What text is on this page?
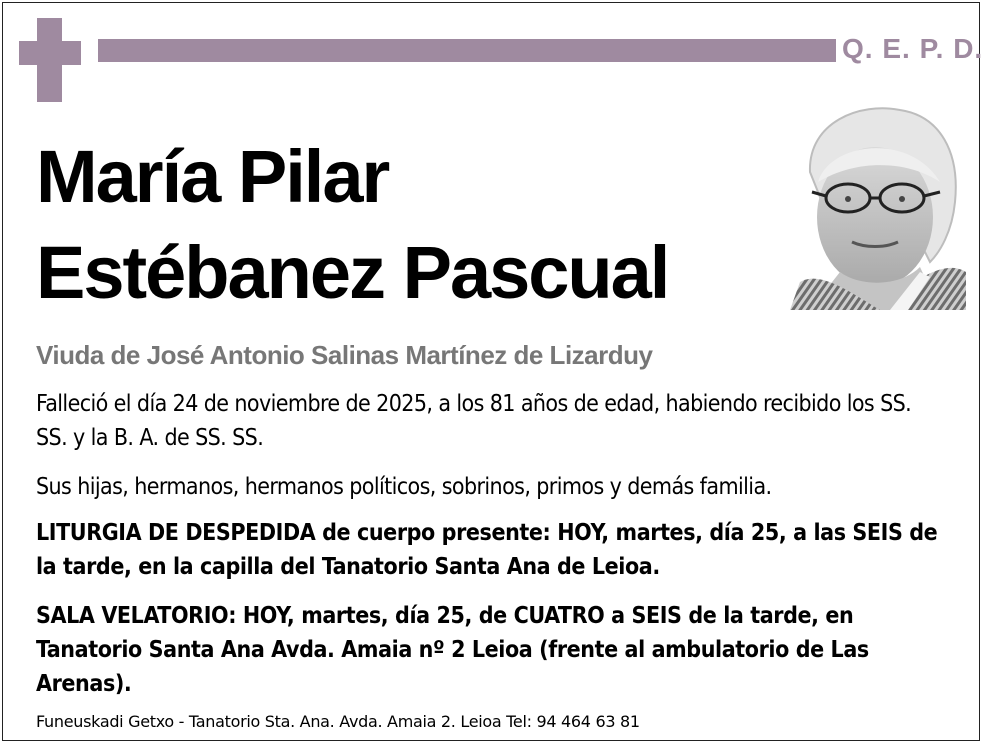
Q. E. P. D.
María Pilar
Estébanez Pascual
Viuda de José Antonio Salinas Martínez de Lizarduy
Falleció el día 24 de noviembre de 2025, a los 81 años de edad, habiendo recibido los SS. SS. y la B. A. de SS. SS.
Sus hijas, hermanos, hermanos políticos, sobrinos, primos y demás familia.
LITURGIA DE DESPEDIDA de cuerpo presente: HOY, martes, día 25, a las SEIS de la tarde, en la capilla del Tanatorio Santa Ana de Leioa.
SALA VELATORIO: HOY, martes, día 25, de CUATRO a SEIS de la tarde, en Tanatorio Santa Ana Avda. Amaia nº 2 Leioa (frente al ambulatorio de Las Arenas).
Funeuskadi Getxo - Tanatorio Sta. Ana. Avda. Amaia 2. Leioa Tel: 94 464 63 81
